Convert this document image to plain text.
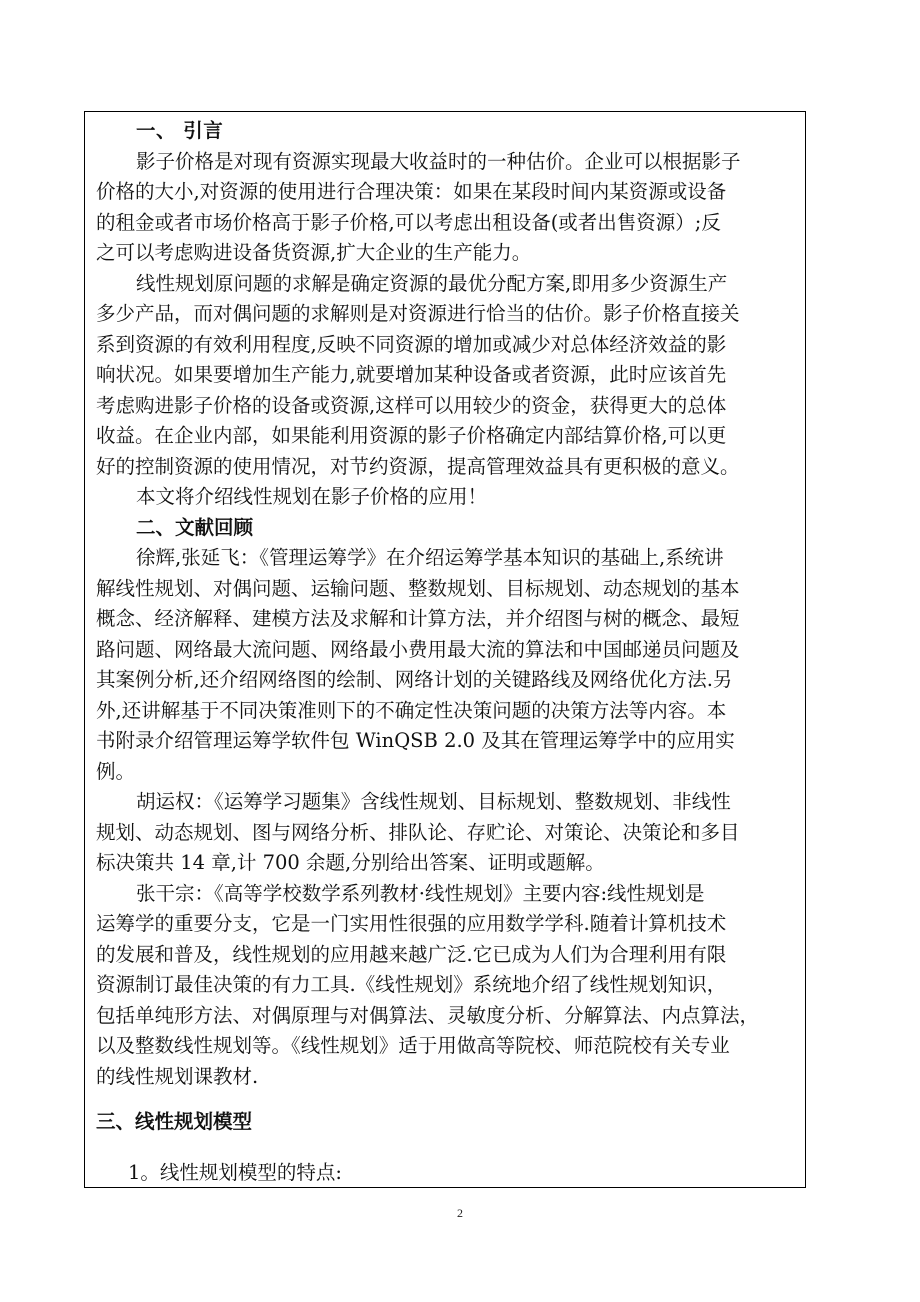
一、 引言
影子价格是对现有资源实现最大收益时的一种估价。企业可以根据影子
价格的大小,对资源的使用进行合理决策：如果在某段时间内某资源或设备
的租金或者市场价格高于影子价格,可以考虑出租设备(或者出售资源）;反
之可以考虑购进设备货资源,扩大企业的生产能力。
线性规划原问题的求解是确定资源的最优分配方案,即用多少资源生产
多少产品，而对偶问题的求解则是对资源进行恰当的估价。影子价格直接关
系到资源的有效利用程度,反映不同资源的增加或减少对总体经济效益的影
响状况。如果要增加生产能力,就要增加某种设备或者资源，此时应该首先
考虑购进影子价格的设备或资源,这样可以用较少的资金，获得更大的总体
收益。在企业内部，如果能利用资源的影子价格确定内部结算价格,可以更
好的控制资源的使用情况，对节约资源，提高管理效益具有更积极的意义。
本文将介绍线性规划在影子价格的应用！
二、文献回顾
徐辉,张延飞：《管理运筹学》在介绍运筹学基本知识的基础上,系统讲
解线性规划、对偶问题、运输问题、整数规划、目标规划、动态规划的基本
概念、经济解释、建模方法及求解和计算方法，并介绍图与树的概念、最短
路问题、网络最大流问题、网络最小费用最大流的算法和中国邮递员问题及
其案例分析,还介绍网络图的绘制、网络计划的关键路线及网络优化方法.另
外,还讲解基于不同决策准则下的不确定性决策问题的决策方法等内容。本
书附录介绍管理运筹学软件包 WinQSB 2.0 及其在管理运筹学中的应用实
例。
胡运权：《运筹学习题集》含线性规划、目标规划、整数规划、非线性
规划、动态规划、图与网络分析、排队论、存贮论、对策论、决策论和多目
标决策共 14 章,计 700 余题,分别给出答案、证明或题解。
张干宗：《高等学校数学系列教材·线性规划》主要内容:线性规划是
运筹学的重要分支，它是一门实用性很强的应用数学学科.随着计算机技术
的发展和普及，线性规划的应用越来越广泛.它已成为人们为合理利用有限
资源制订最佳决策的有力工具.《线性规划》系统地介绍了线性规划知识，
包括单纯形方法、对偶原理与对偶算法、灵敏度分析、分解算法、内点算法，
以及整数线性规划等。《线性规划》适于用做高等院校、师范院校有关专业
的线性规划课教材.
三、线性规划模型
1。线性规划模型的特点:
2
